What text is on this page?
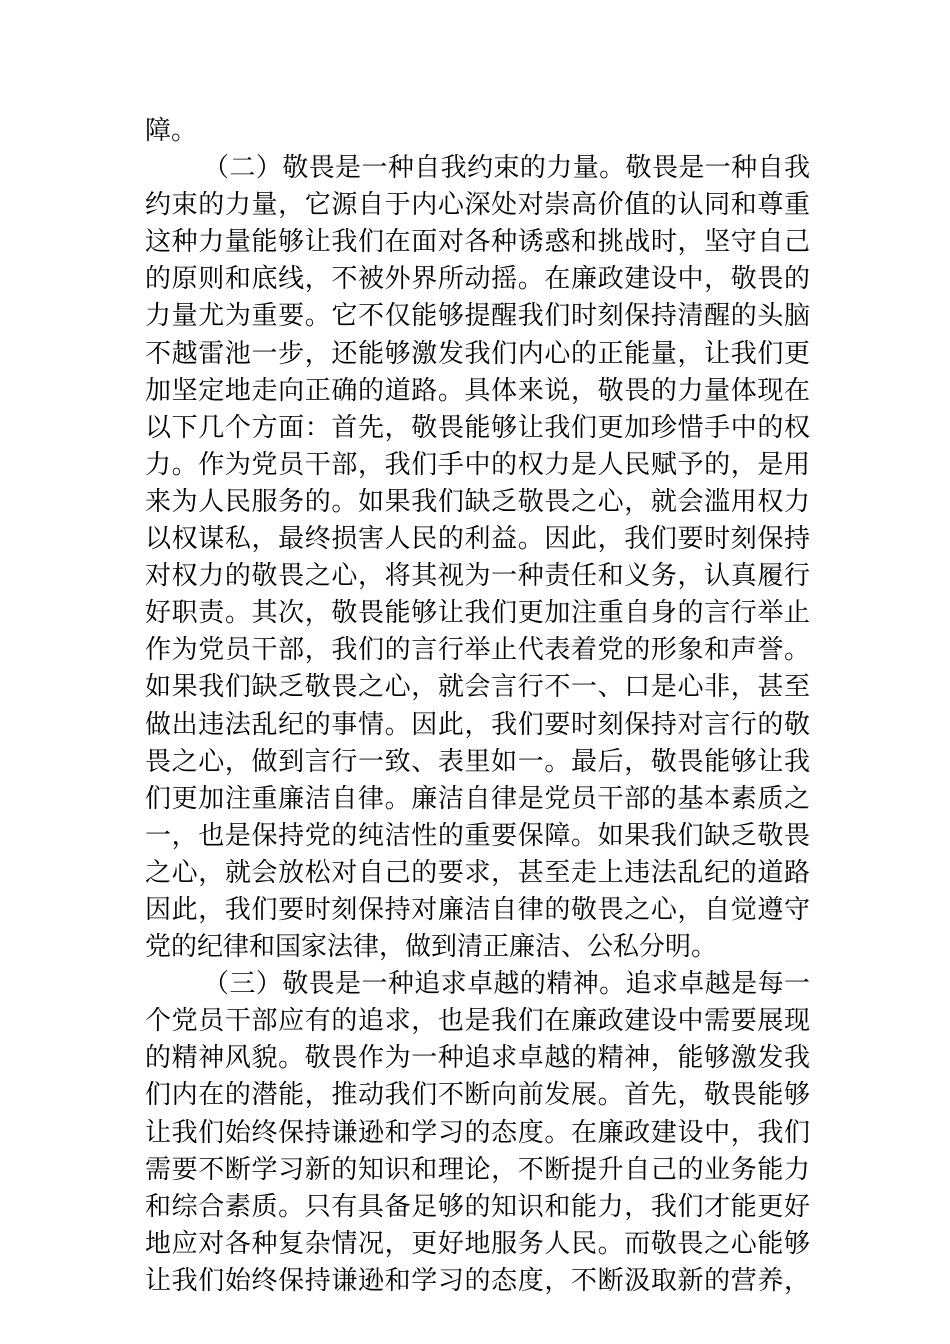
障。
（二）敬畏是一种自我约束的力量。敬畏是一种自我
约束的力量，它源自于内心深处对崇高价值的认同和尊重
这种力量能够让我们在面对各种诱惑和挑战时，坚守自己
的原则和底线，不被外界所动摇。在廉政建设中，敬畏的
力量尤为重要。它不仅能够提醒我们时刻保持清醒的头脑
不越雷池一步，还能够激发我们内心的正能量，让我们更
加坚定地走向正确的道路。具体来说，敬畏的力量体现在
以下几个方面：首先，敬畏能够让我们更加珍惜手中的权
力。作为党员干部，我们手中的权力是人民赋予的，是用
来为人民服务的。如果我们缺乏敬畏之心，就会滥用权力
以权谋私，最终损害人民的利益。因此，我们要时刻保持
对权力的敬畏之心，将其视为一种责任和义务，认真履行
好职责。其次，敬畏能够让我们更加注重自身的言行举止
作为党员干部，我们的言行举止代表着党的形象和声誉。
如果我们缺乏敬畏之心，就会言行不一、口是心非，甚至
做出违法乱纪的事情。因此，我们要时刻保持对言行的敬
畏之心，做到言行一致、表里如一。最后，敬畏能够让我
们更加注重廉洁自律。廉洁自律是党员干部的基本素质之
一，也是保持党的纯洁性的重要保障。如果我们缺乏敬畏
之心，就会放松对自己的要求，甚至走上违法乱纪的道路
因此，我们要时刻保持对廉洁自律的敬畏之心，自觉遵守
党的纪律和国家法律，做到清正廉洁、公私分明。
（三）敬畏是一种追求卓越的精神。追求卓越是每一
个党员干部应有的追求，也是我们在廉政建设中需要展现
的精神风貌。敬畏作为一种追求卓越的精神，能够激发我
们内在的潜能，推动我们不断向前发展。首先，敬畏能够
让我们始终保持谦逊和学习的态度。在廉政建设中，我们
需要不断学习新的知识和理论，不断提升自己的业务能力
和综合素质。只有具备足够的知识和能力，我们才能更好
地应对各种复杂情况，更好地服务人民。而敬畏之心能够
让我们始终保持谦逊和学习的态度，不断汲取新的营养，
